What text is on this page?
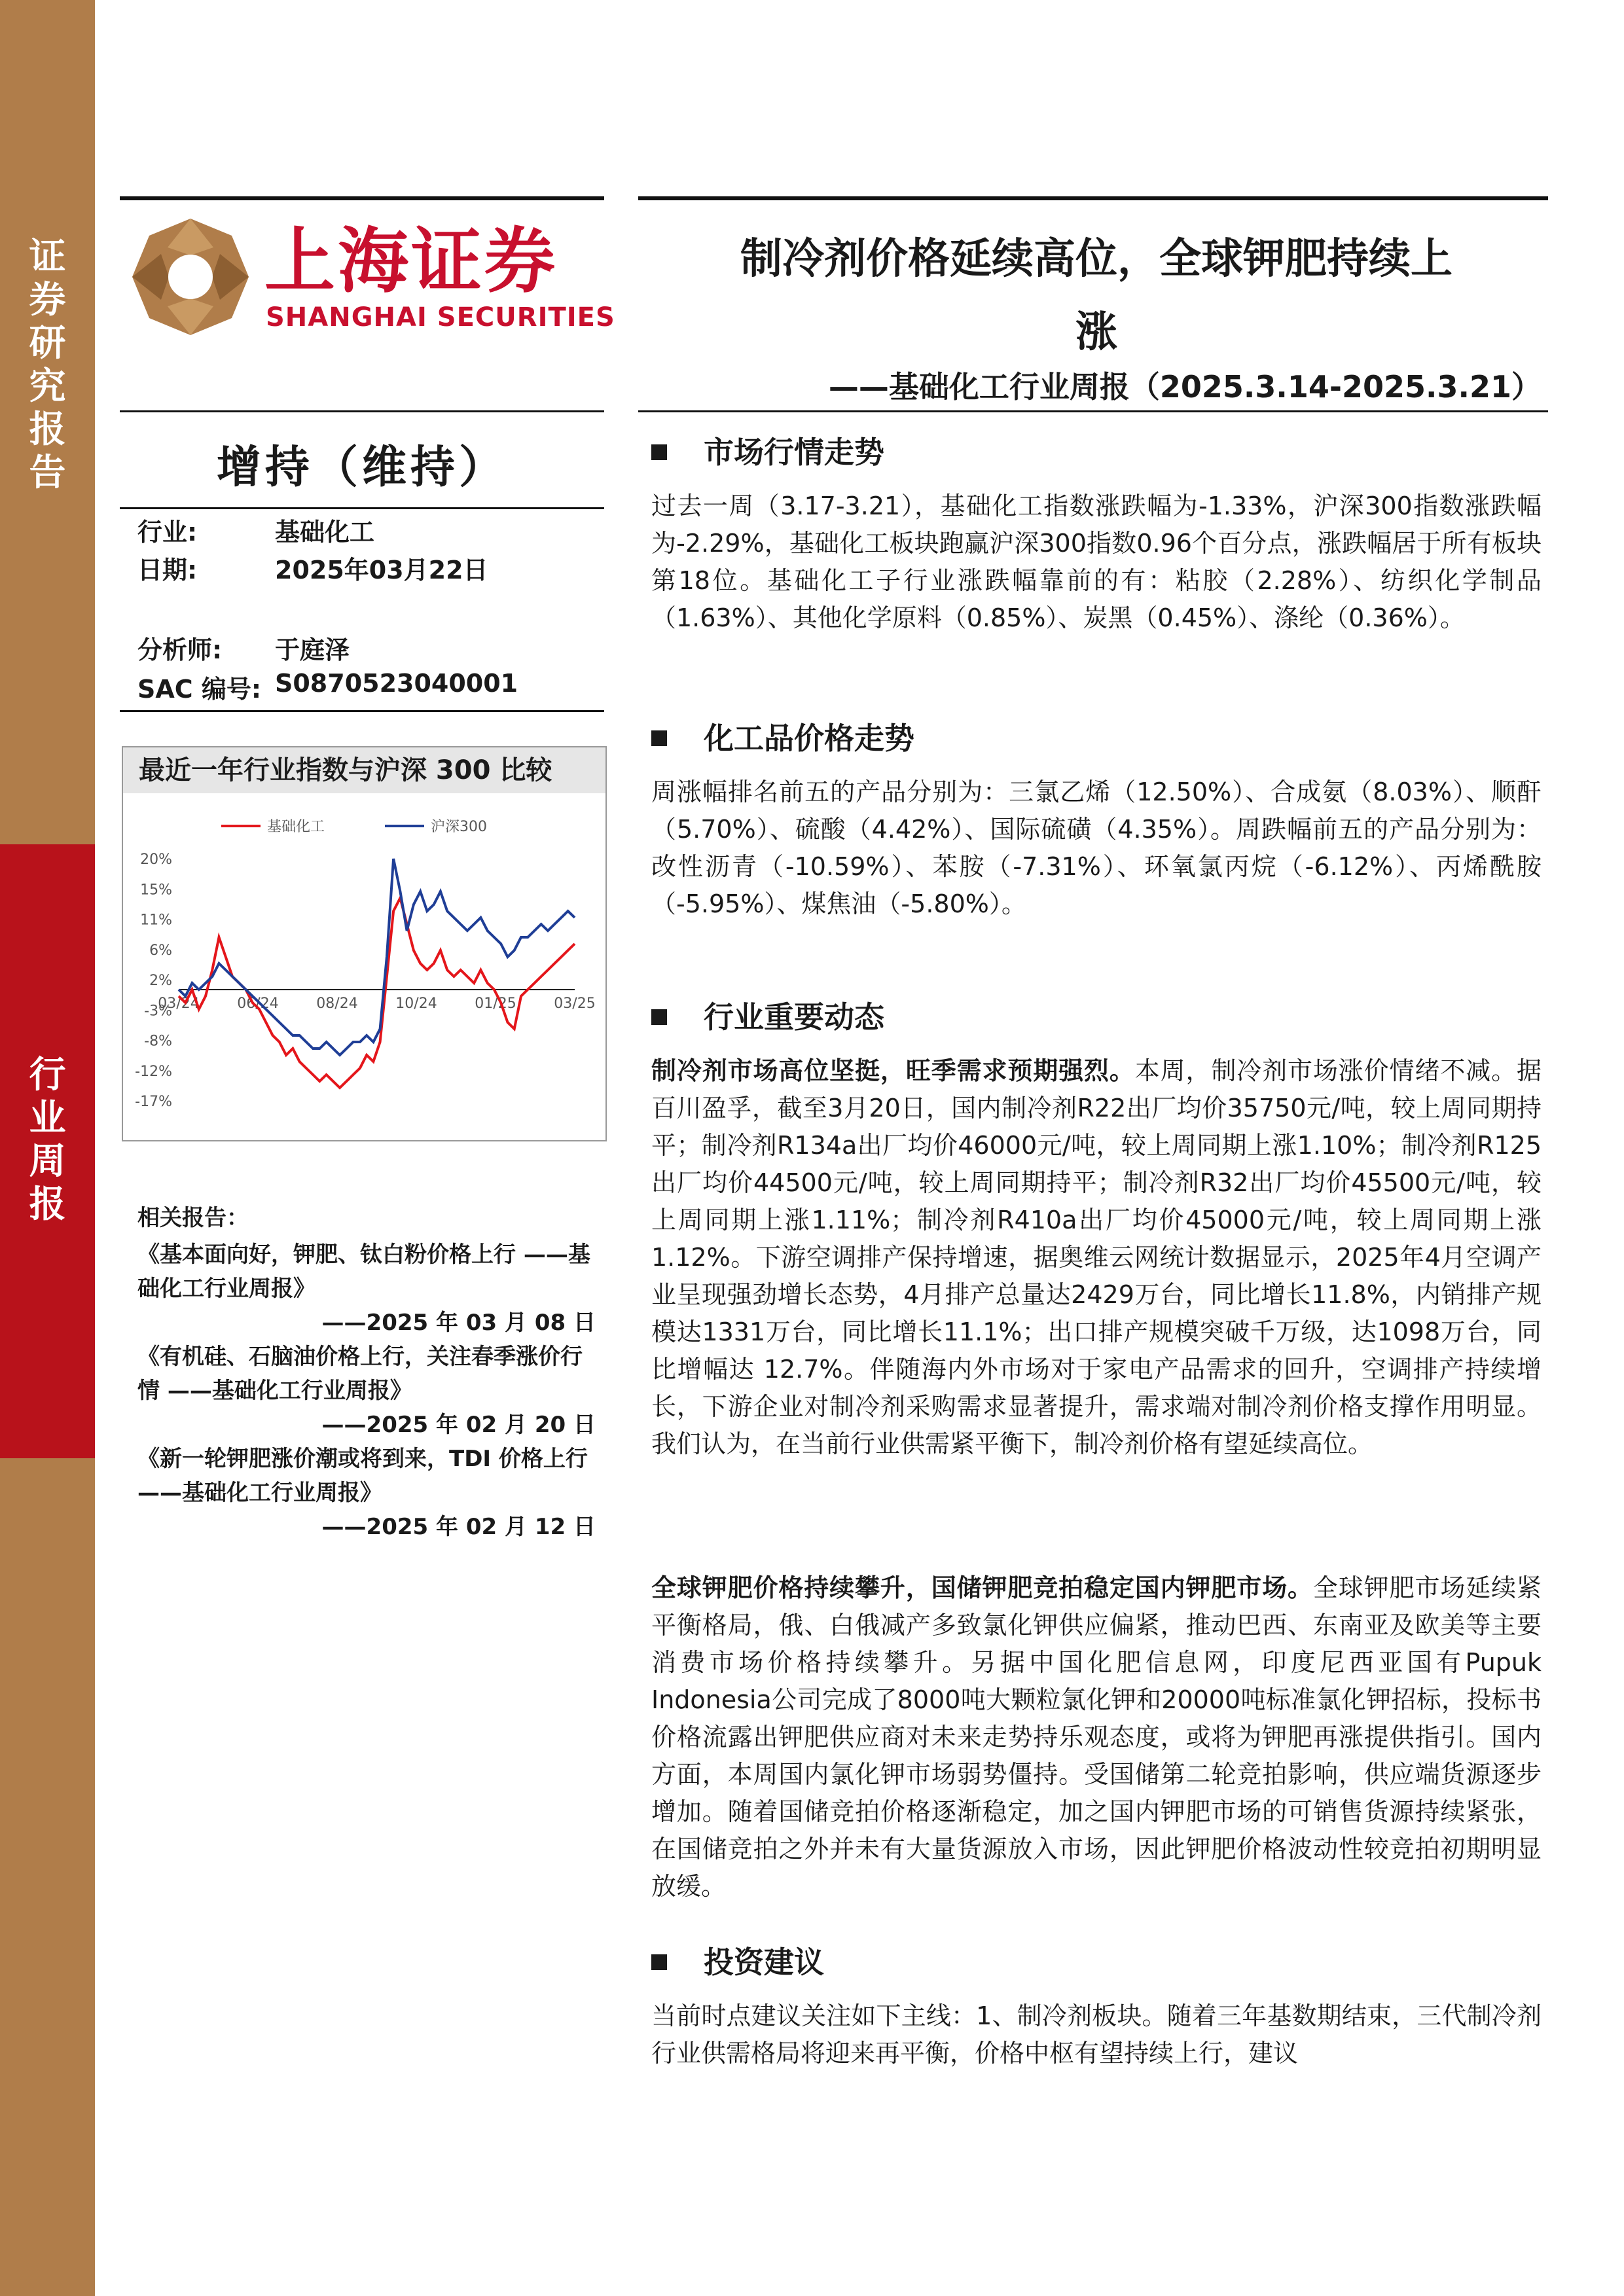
证券研究报告
行业周报
上海证券
SHANGHAI SECURITIES
制冷剂价格延续高位，全球钾肥持续上
涨
——基础化工行业周报（2025.3.14-2025.3.21）
增持（维持）
行业:	基础化工
日期:	2025年03月22日
分析师: 于庭泽
SAC 编号: S0870523040001
最近一年行业指数与沪深 300 比较
20%
15%
11%
6%
2%
-3%
-8%
-12%
-17%
03/24	06/24	08/24	10/24	01/25	03/25
基础化工	沪深300
相关报告：
《基本面向好，钾肥、钛白粉价格上行 ——基础化工行业周报》
——2025 年 03 月 08 日
《有机硅、石脑油价格上行，关注春季涨价行情 ——基础化工行业周报》
——2025 年 02 月 20 日
《新一轮钾肥涨价潮或将到来，TDI 价格上行 ——基础化工行业周报》
——2025 年 02 月 12 日
市场行情走势
过去一周（3.17-3.21），基础化工指数涨跌幅为-1.33%，沪深300指数涨跌幅为-2.29%，基础化工板块跑赢沪深300指数0.96个百分点，涨跌幅居于所有板块第18位。基础化工子行业涨跌幅靠前的有：粘胶（2.28%）、纺织化学制品（1.63%）、其他化学原料（0.85%）、炭黑（0.45%）、涤纶（0.36%）。
化工品价格走势
周涨幅排名前五的产品分别为：三氯乙烯（12.50%）、合成氨（8.03%）、顺酐（5.70%）、硫酸（4.42%）、国际硫磺（4.35%）。周跌幅前五的产品分别为：改性沥青（-10.59%）、苯胺（-7.31%）、环氧氯丙烷（-6.12%）、丙烯酰胺（-5.95%）、煤焦油（-5.80%）。
行业重要动态
制冷剂市场高位坚挺，旺季需求预期强烈。本周，制冷剂市场涨价情绪不减。据百川盈孚，截至3月20日，国内制冷剂R22出厂均价35750元/吨，较上周同期持平；制冷剂R134a出厂均价46000元/吨，较上周同期上涨1.10%；制冷剂R125出厂均价44500元/吨，较上周同期持平；制冷剂R32出厂均价45500元/吨，较上周同期上涨1.11%；制冷剂R410a出厂均价45000元/吨，较上周同期上涨1.12%。下游空调排产保持增速，据奥维云网统计数据显示，2025年4月空调产业呈现强劲增长态势，4月排产总量达2429万台，同比增长11.8%，内销排产规模达1331万台，同比增长11.1%；出口排产规模突破千万级，达1098万台，同比增幅达 12.7%。伴随海内外市场对于家电产品需求的回升，空调排产持续增长，下游企业对制冷剂采购需求显著提升，需求端对制冷剂价格支撑作用明显。我们认为，在当前行业供需紧平衡下，制冷剂价格有望延续高位。
全球钾肥价格持续攀升，国储钾肥竞拍稳定国内钾肥市场。全球钾肥市场延续紧平衡格局，俄、白俄减产多致氯化钾供应偏紧，推动巴西、东南亚及欧美等主要消费市场价格持续攀升。另据中国化肥信息网，印度尼西亚国有Pupuk Indonesia公司完成了8000吨大颗粒氯化钾和20000吨标准氯化钾招标，投标书价格流露出钾肥供应商对未来走势持乐观态度，或将为钾肥再涨提供指引。国内方面，本周国内氯化钾市场弱势僵持。受国储第二轮竞拍影响，供应端货源逐步增加。随着国储竞拍价格逐渐稳定，加之国内钾肥市场的可销售货源持续紧张，在国储竞拍之外并未有大量货源放入市场，因此钾肥价格波动性较竞拍初期明显放缓。
投资建议
当前时点建议关注如下主线：1、制冷剂板块。随着三年基数期结束，三代制冷剂行业供需格局将迎来再平衡，价格中枢有望持续上行，建议
